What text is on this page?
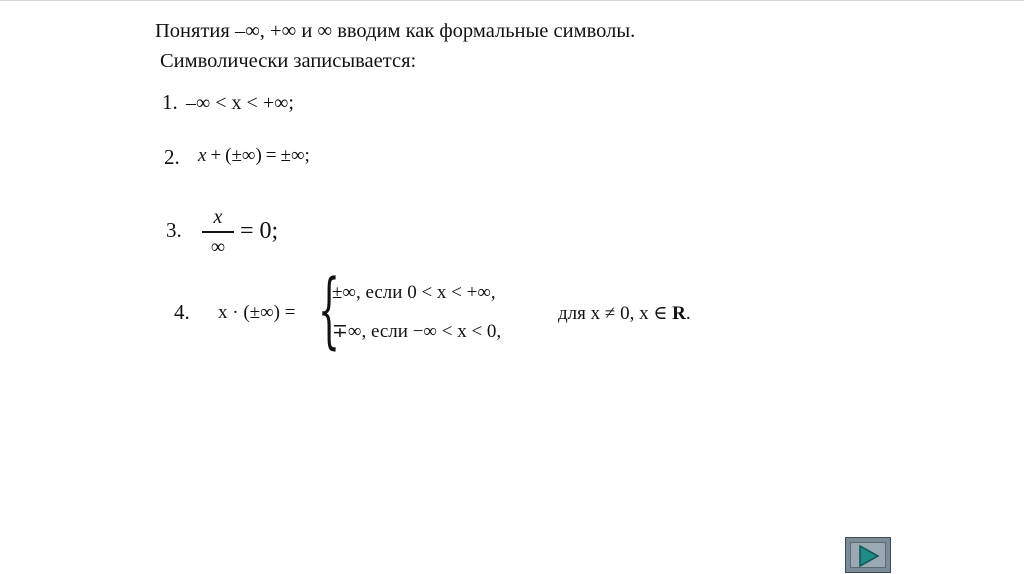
Понятия –∞, +∞ и ∞ вводим как формальные символы.
Символически записывается:
1. –∞ < x < +∞;
2. x + (±∞) = ±∞;
3.
x
∞
= 0;
4. x · (±∞) = {
±∞, если 0 < x < +∞,
∓∞, если −∞ < x < 0,
для x ≠ 0, x ∈ R.
